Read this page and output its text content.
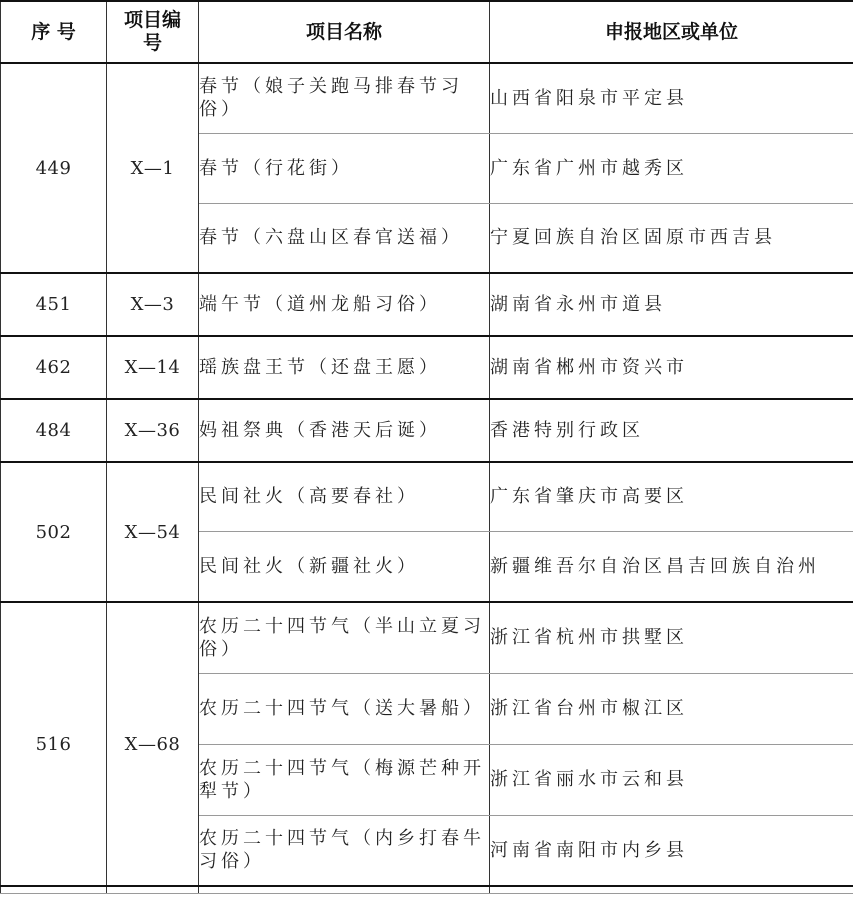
序 号	项目编号	项目名称	申报地区或单位
449	Ⅹ—1	春节（娘子关跑马排春节习俗）	山西省阳泉市平定县
		春节（行花街）	广东省广州市越秀区
		春节（六盘山区春官送福）	宁夏回族自治区固原市西吉县
451	Ⅹ—3	端午节（道州龙船习俗）	湖南省永州市道县
462	Ⅹ—14	瑶族盘王节（还盘王愿）	湖南省郴州市资兴市
484	Ⅹ—36	妈祖祭典（香港天后诞）	香港特别行政区
502	Ⅹ—54	民间社火（高要春社）	广东省肇庆市高要区
		民间社火（新疆社火）	新疆维吾尔自治区昌吉回族自治州
516	Ⅹ—68	农历二十四节气（半山立夏习俗）	浙江省杭州市拱墅区
		农历二十四节气（送大暑船）	浙江省台州市椒江区
		农历二十四节气（梅源芒种开犁节）	浙江省丽水市云和县
		农历二十四节气（内乡打春牛习俗）	河南省南阳市内乡县
